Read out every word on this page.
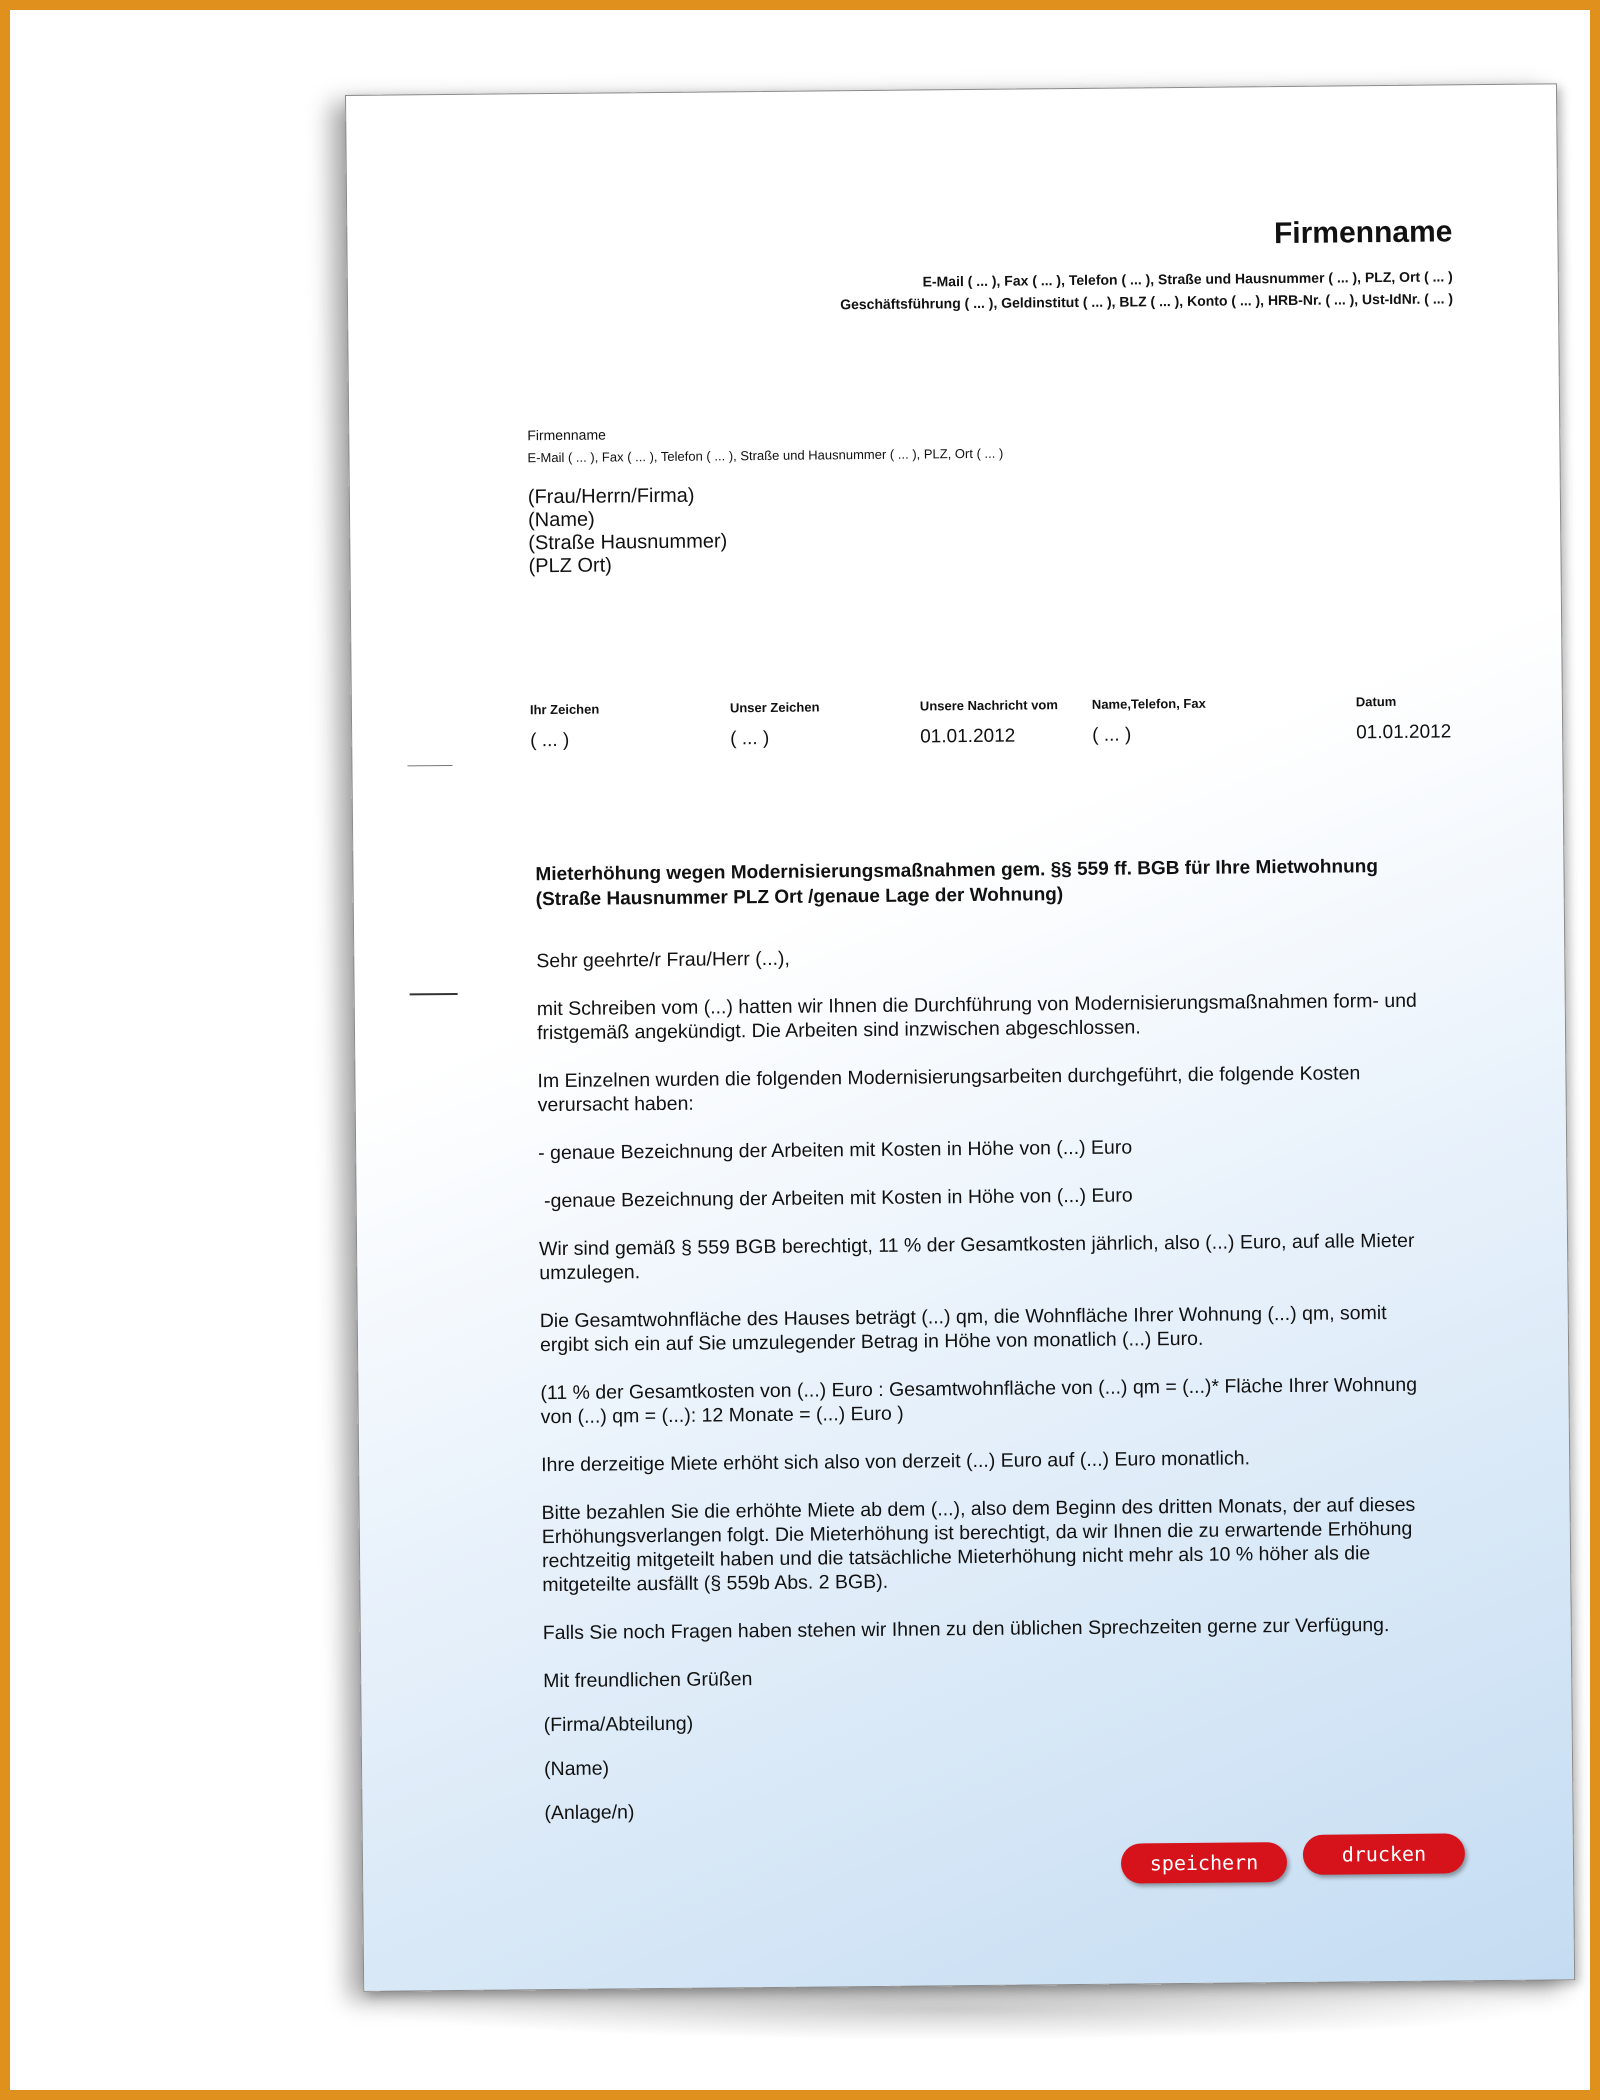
Firmenname
E-Mail ( ... ), Fax ( ... ), Telefon ( ... ), Straße und Hausnummer ( ... ), PLZ, Ort ( ... )
Geschäftsführung ( ... ), Geldinstitut ( ... ), BLZ ( ... ), Konto ( ... ), HRB-Nr. ( ... ), Ust-IdNr. ( ... )
Firmenname
E-Mail ( ... ), Fax ( ... ), Telefon ( ... ), Straße und Hausnummer ( ... ), PLZ, Ort ( ... )
(Frau/Herrn/Firma)
(Name)
(Straße Hausnummer)
(PLZ Ort)
Ihr Zeichen
( ... )
Unser Zeichen
( ... )
Unsere Nachricht vom
01.01.2012
Name,Telefon, Fax
( ... )
Datum
01.01.2012
Mieterhöhung wegen Modernisierungsmaßnahmen gem. §§ 559 ff. BGB für Ihre Mietwohnung
(Straße Hausnummer PLZ Ort /genaue Lage der Wohnung)

Sehr geehrte/r Frau/Herr (...),

mit Schreiben vom (...) hatten wir Ihnen die Durchführung von Modernisierungsmaßnahmen form- und fristgemäß angekündigt. Die Arbeiten sind inzwischen abgeschlossen.

Im Einzelnen wurden die folgenden Modernisierungsarbeiten durchgeführt, die folgende Kosten verursacht haben:

- genaue Bezeichnung der Arbeiten mit Kosten in Höhe von (...) Euro

-genaue Bezeichnung der Arbeiten mit Kosten in Höhe von (...) Euro

Wir sind gemäß § 559 BGB berechtigt, 11 % der Gesamtkosten jährlich, also (...) Euro, auf alle Mieter umzulegen.

Die Gesamtwohnfläche des Hauses beträgt (...) qm, die Wohnfläche Ihrer Wohnung (...) qm, somit ergibt sich ein auf Sie umzulegender Betrag in Höhe von monatlich (...) Euro.

(11 % der Gesamtkosten von (...) Euro : Gesamtwohnfläche von (...) qm = (...)* Fläche Ihrer Wohnung von (...) qm = (...): 12 Monate = (...) Euro )

Ihre derzeitige Miete erhöht sich also von derzeit (...) Euro auf (...) Euro monatlich.

Bitte bezahlen Sie die erhöhte Miete ab dem (...), also dem Beginn des dritten Monats, der auf dieses Erhöhungsverlangen folgt. Die Mieterhöhung ist berechtigt, da wir Ihnen die zu erwartende Erhöhung rechtzeitig mitgeteilt haben und die tatsächliche Mieterhöhung nicht mehr als 10 % höher als die mitgeteilte ausfällt (§ 559b Abs. 2 BGB).

Falls Sie noch Fragen haben stehen wir Ihnen zu den üblichen Sprechzeiten gerne zur Verfügung.

Mit freundlichen Grüßen

(Firma/Abteilung)

(Name)

(Anlage/n)

speichern	drucken
